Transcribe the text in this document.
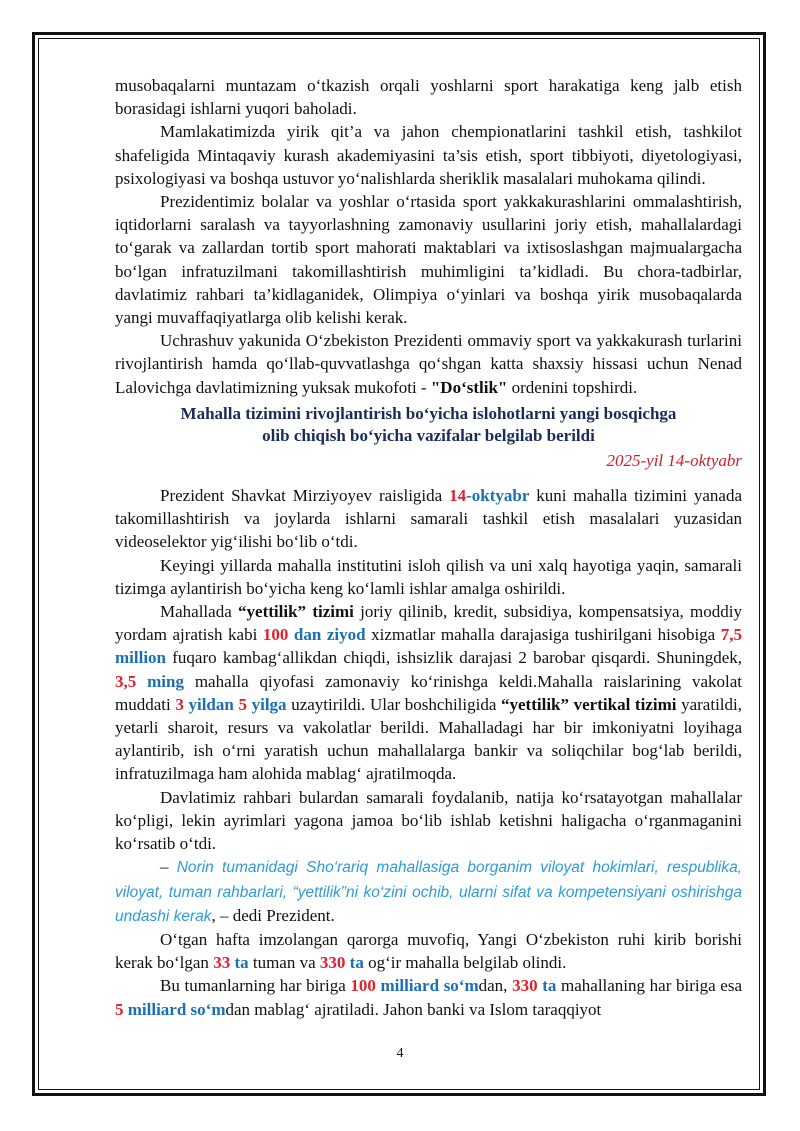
musobaqalarni muntazam o‘tkazish orqali yoshlarni sport harakatiga keng jalb etish borasidagi ishlarni yuqori baholadi.

Mamlakatimizda yirik qit’a va jahon chempionatlarini tashkil etish, tashkilot shafeligida Mintaqaviy kurash akademiyasini ta’sis etish, sport tibbiyoti, diyetologiyasi, psixologiyasi va boshqa ustuvor yo‘nalishlarda sheriklik masalalari muhokama qilindi.

Prezidentimiz bolalar va yoshlar o‘rtasida sport yakkakurashlarini ommalashtirish, iqtidorlarni saralash va tayyorlashning zamonaviy usullarini joriy etish, mahallalardagi to‘garak va zallardan tortib sport mahorati maktablari va ixtisoslashgan majmualargacha bo‘lgan infratuzilmani takomillashtirish muhimligini ta’kidladi. Bu chora-tadbirlar, davlatimiz rahbari ta’kidlaganidek, Olimpiya o‘yinlari va boshqa yirik musobaqalarda yangi muvaffaqiyatlarga olib kelishi kerak.

Uchrashuv yakunida O‘zbekiston Prezidenti ommaviy sport va yakkakurash turlarini rivojlantirish hamda qo‘llab-quvvatlashga qo‘shgan katta shaxsiy hissasi uchun Nenad Lalovichga davlatimizning yuksak mukofoti - "Do‘stlik" ordenini topshirdi.

Mahalla tizimini rivojlantirish bo‘yicha islohotlarni yangi bosqichga
olib chiqish bo‘yicha vazifalar belgilab berildi
2025-yil 14-oktyabr

Prezident Shavkat Mirziyoyev raisligida 14-oktyabr kuni mahalla tizimini yanada takomillashtirish va joylarda ishlarni samarali tashkil etish masalalari yuzasidan videoselektor yig‘ilishi bo‘lib o‘tdi.

Keyingi yillarda mahalla institutini isloh qilish va uni xalq hayotiga yaqin, samarali tizimga aylantirish bo‘yicha keng ko‘lamli ishlar amalga oshirildi.

Mahallada “yettilik” tizimi joriy qilinib, kredit, subsidiya, kompensatsiya, moddiy yordam ajratish kabi 100 dan ziyod xizmatlar mahalla darajasiga tushirilgani hisobiga 7,5 million fuqaro kambag‘allikdan chiqdi, ishsizlik darajasi 2 barobar qisqardi. Shuningdek, 3,5 ming mahalla qiyofasi zamonaviy ko‘rinishga keldi.Mahalla raislarining vakolat muddati 3 yildan 5 yilga uzaytirildi. Ular boshchiligida “yettilik” vertikal tizimi yaratildi, yetarli sharoit, resurs va vakolatlar berildi. Mahalladagi har bir imkoniyatni loyihaga aylantirib, ish o‘rni yaratish uchun mahallalarga bankir va soliqchilar bog‘lab berildi, infratuzilmaga ham alohida mablag‘ ajratilmoqda.

Davlatimiz rahbari bulardan samarali foydalanib, natija ko‘rsatayotgan mahallalar ko‘pligi, lekin ayrimlari yagona jamoa bo‘lib ishlab ketishni haligacha o‘rganmaganini ko‘rsatib o‘tdi.

– Norin tumanidagi Sho‘rariq mahallasiga borganim viloyat hokimlari, respublika, viloyat, tuman rahbarlari, “yettilik”ni ko‘zini ochib, ularni sifat va kompetensiyani oshirishga undashi kerak, – dedi Prezident.

O‘tgan hafta imzolangan qarorga muvofiq, Yangi O‘zbekiston ruhi kirib borishi kerak bo‘lgan 33 ta tuman va 330 ta og‘ir mahalla belgilab olindi.

Bu tumanlarning har biriga 100 milliard so‘mdan, 330 ta mahallaning har biriga esa 5 milliard so‘mdan mablag‘ ajratiladi. Jahon banki va Islom taraqqiyot

4
